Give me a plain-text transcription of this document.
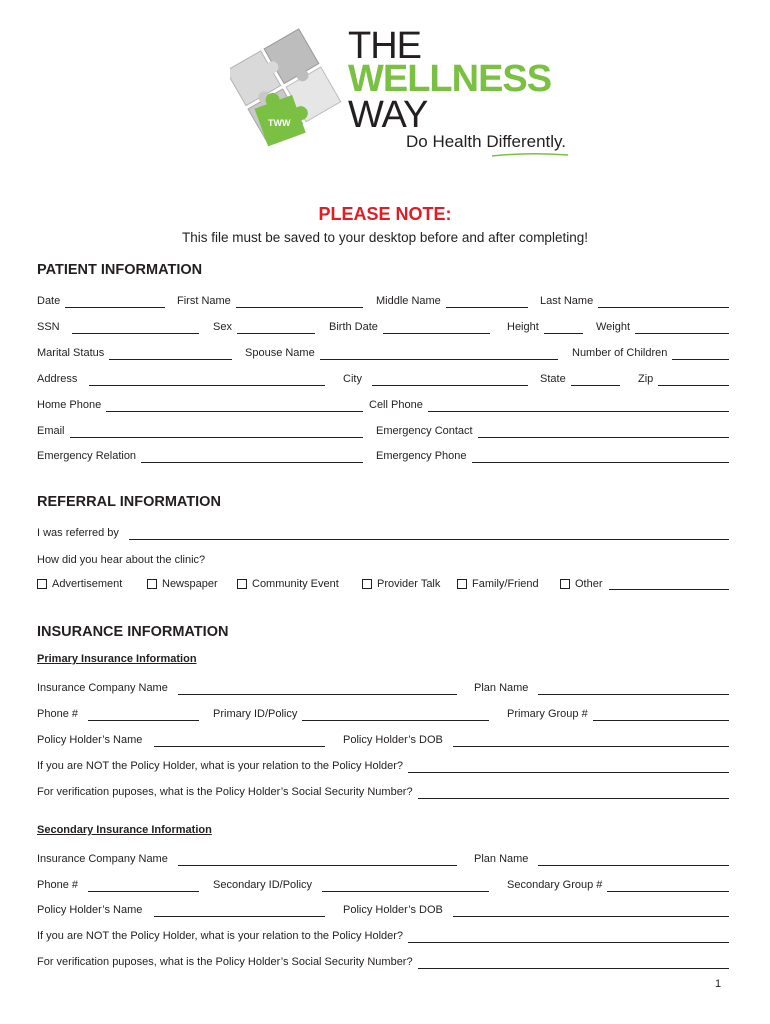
TWW
THE
WELLNESS
WAY
Do Health Differently.
PLEASE NOTE:
This file must be saved to your desktop before and after completing!
PATIENT INFORMATION
Date	First Name	Middle Name	Last Name
SSN	Sex	Birth Date	Height	Weight
Marital Status	Spouse Name	Number of Children
Address	City	State	Zip
Home Phone	Cell Phone
Email	Emergency Contact
Emergency Relation	Emergency Phone
REFERRAL INFORMATION
I was referred by
How did you hear about the clinic?
Advertisement	Newspaper	Community Event	Provider Talk	Family/Friend	Other
INSURANCE INFORMATION
Primary Insurance Information
Insurance Company Name	Plan Name
Phone #	Primary ID/Policy	Primary Group #
Policy Holder’s Name	Policy Holder’s DOB
If you are NOT the Policy Holder, what is your relation to the Policy Holder?
For verification puposes, what is the Policy Holder’s Social Security Number?
Secondary Insurance Information
Insurance Company Name	Plan Name
Phone #	Secondary ID/Policy	Secondary Group #
Policy Holder’s Name	Policy Holder’s DOB
If you are NOT the Policy Holder, what is your relation to the Policy Holder?
For verification puposes, what is the Policy Holder’s Social Security Number?
1
